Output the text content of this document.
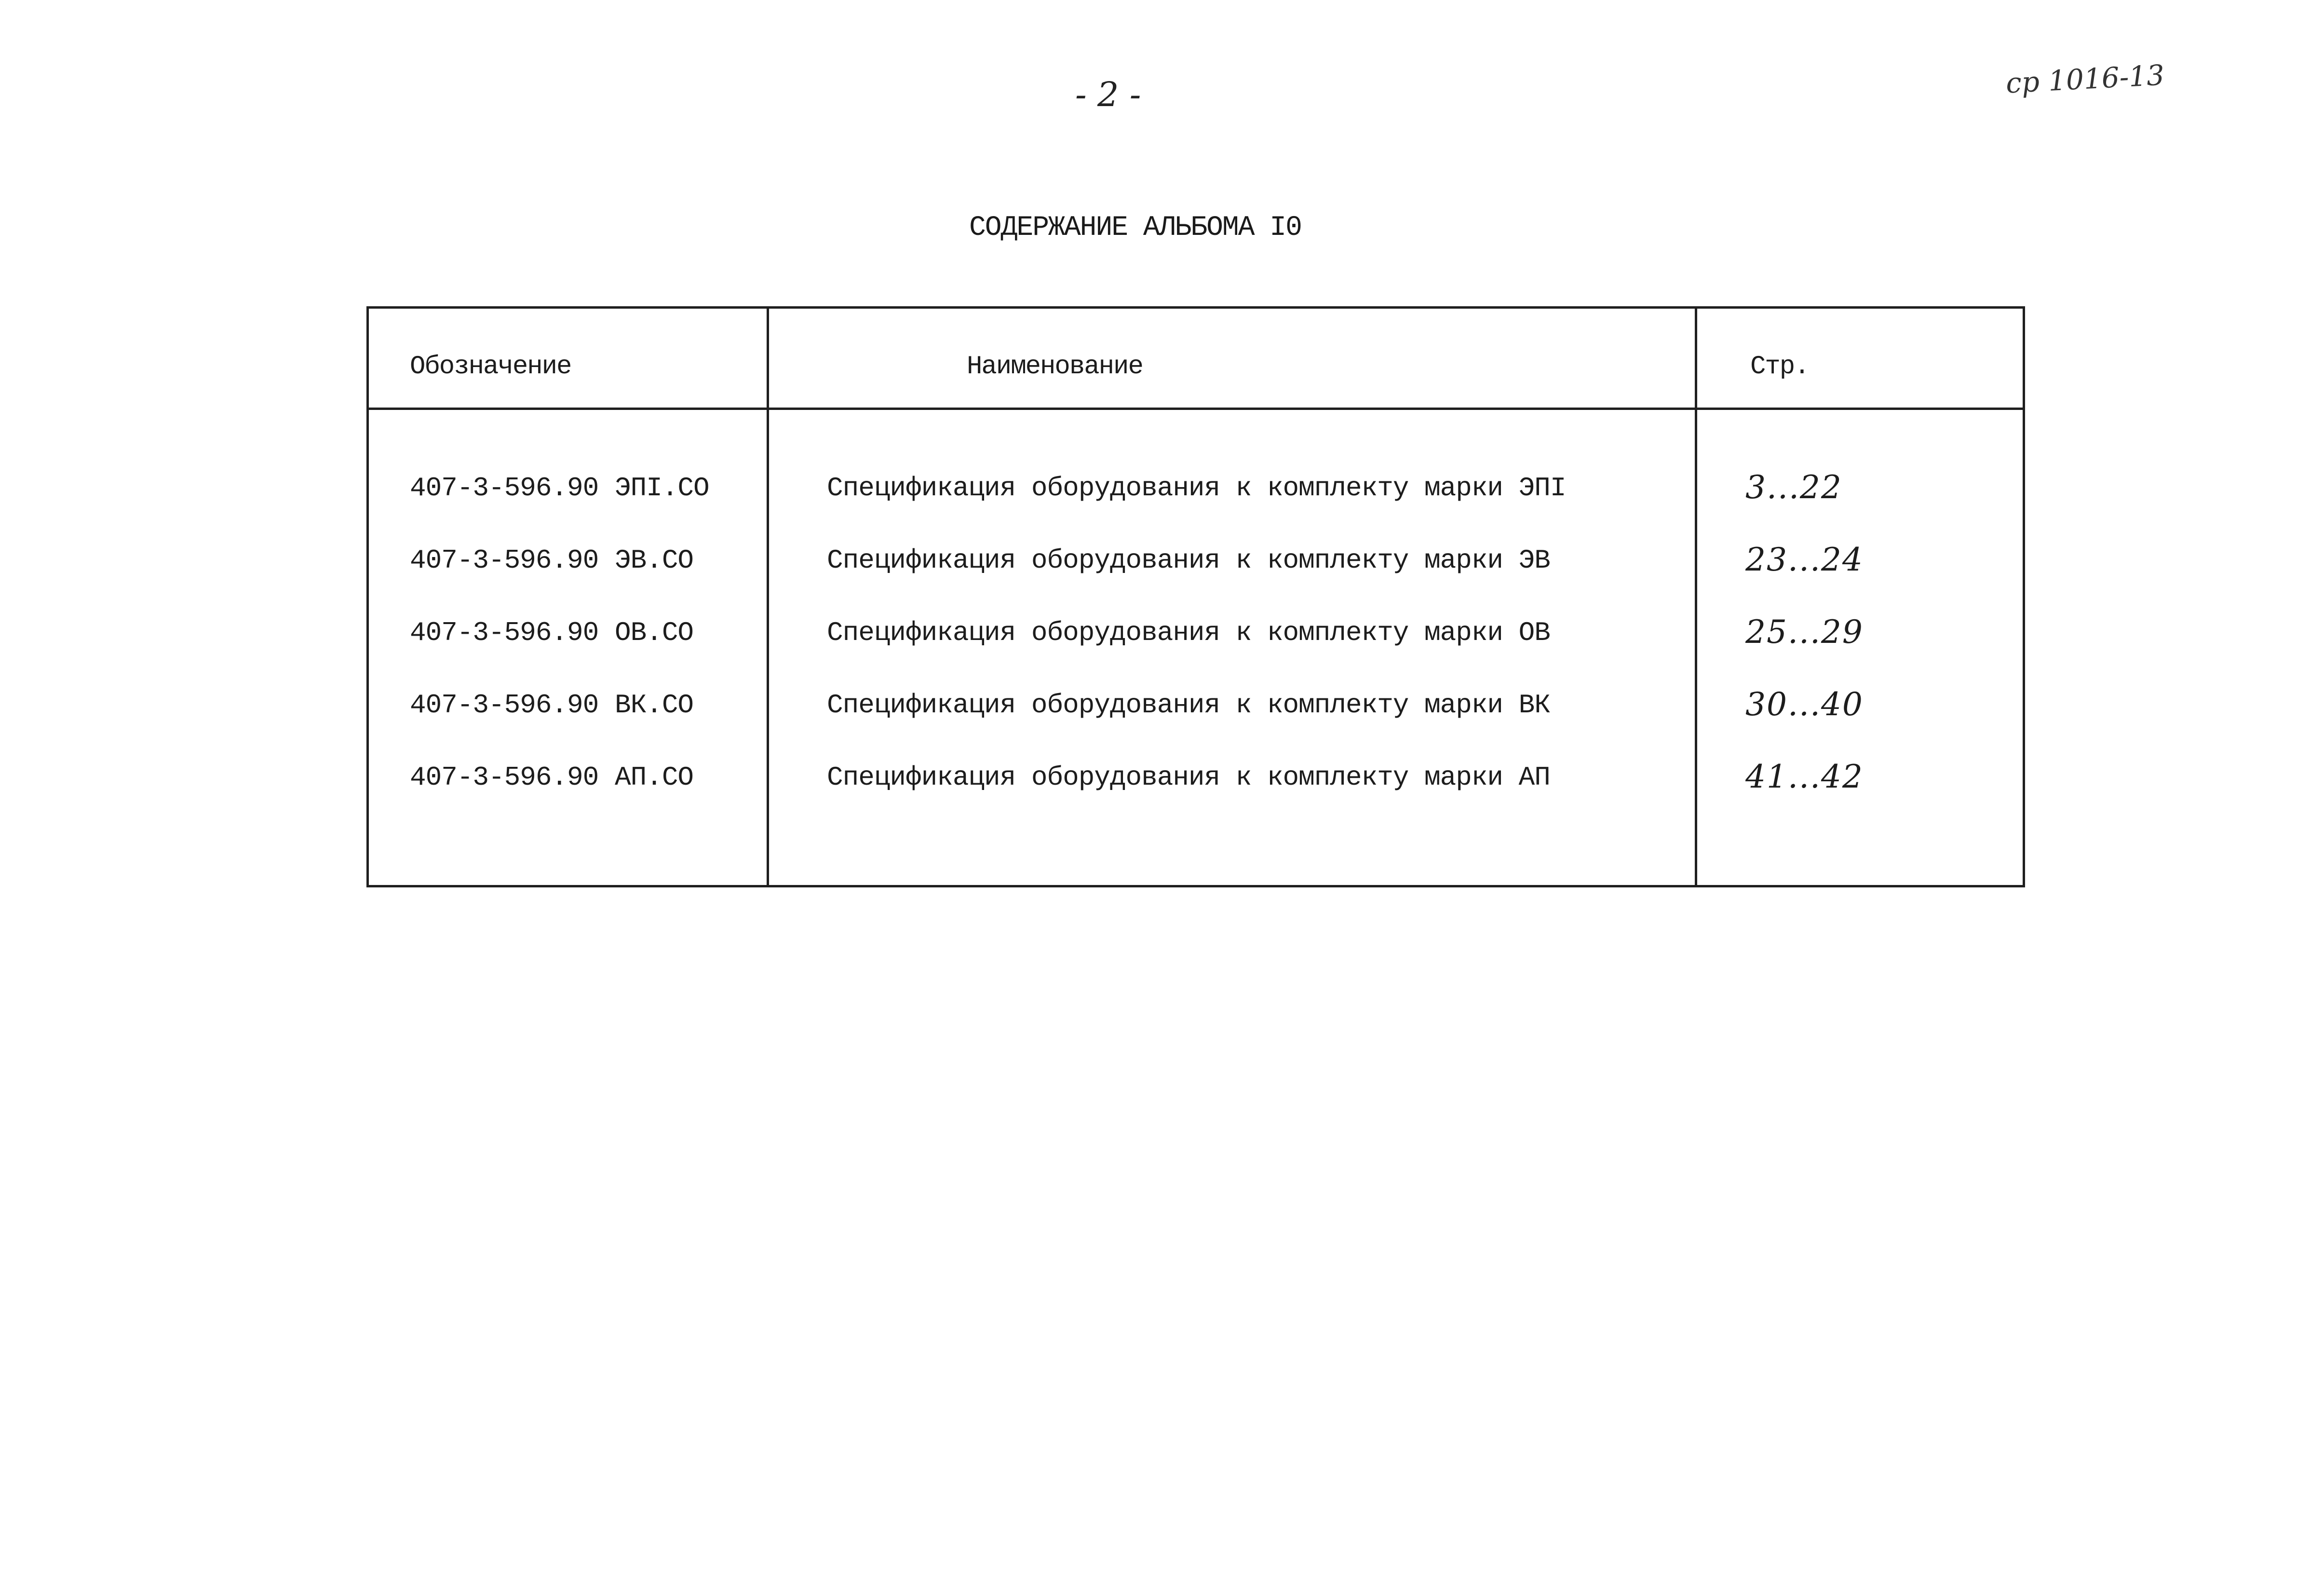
- 2 -	ср 1016-13
СОДЕРЖАНИЕ АЛЬБОМА I0
Обозначение	Наименование	Стр.
407-3-596.90 ЭПI.СО	Спецификация оборудования к комплекту марки ЭПI	3...22
407-3-596.90 ЭВ.СО	Спецификация оборудования к комплекту марки ЭВ	23...24
407-3-596.90 ОВ.СО	Спецификация оборудования к комплекту марки ОВ	25...29
407-3-596.90 ВК.СО	Спецификация оборудования к комплекту марки ВК	30...40
407-3-596.90 АП.СО	Спецификация оборудования к комплекту марки АП	41...42
